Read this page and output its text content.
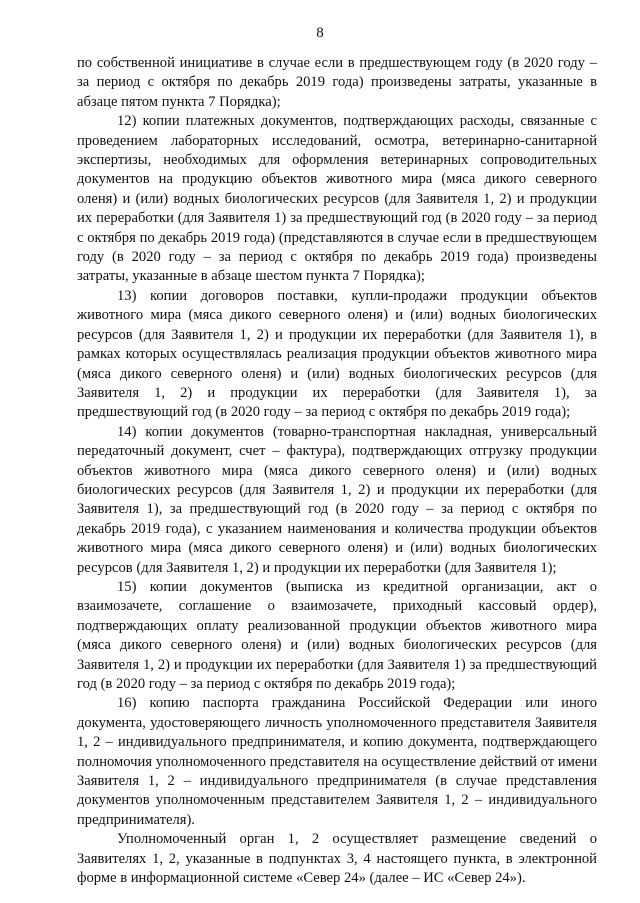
8

по собственной инициативе в случае если в предшествующем году (в 2020 году – за период с октября по декабрь 2019 года) произведены затраты, указанные в абзаце пятом пункта 7 Порядка);

12) копии платежных документов, подтверждающих расходы, связанные с проведением лабораторных исследований, осмотра, ветеринарно-санитарной экспертизы, необходимых для оформления ветеринарных сопроводительных документов на продукцию объектов животного мира (мяса дикого северного оленя) и (или) водных биологических ресурсов (для Заявителя 1, 2) и продукции их переработки (для Заявителя 1) за предшествующий год (в 2020 году – за период с октября по декабрь 2019 года) (представляются в случае если в предшествующем году (в 2020 году – за период с октября по декабрь 2019 года) произведены затраты, указанные в абзаце шестом пункта 7 Порядка);

13) копии договоров поставки, купли-продажи продукции объектов животного мира (мяса дикого северного оленя) и (или) водных биологических ресурсов (для Заявителя 1, 2) и продукции их переработки (для Заявителя 1), в рамках которых осуществлялась реализация продукции объектов животного мира (мяса дикого северного оленя) и (или) водных биологических ресурсов (для Заявителя 1, 2) и продукции их переработки (для Заявителя 1), за предшествующий год (в 2020 году – за период с октября по декабрь 2019 года);

14) копии документов (товарно-транспортная накладная, универсальный передаточный документ, счет – фактура), подтверждающих отгрузку продукции объектов животного мира (мяса дикого северного оленя) и (или) водных биологических ресурсов (для Заявителя 1, 2) и продукции их переработки (для Заявителя 1), за предшествующий год (в 2020 году – за период с октября по декабрь 2019 года), с указанием наименования и количества продукции объектов животного мира (мяса дикого северного оленя) и (или) водных биологических ресурсов (для Заявителя 1, 2) и продукции их переработки (для Заявителя 1);

15) копии документов (выписка из кредитной организации, акт о взаимозачете, соглашение о взаимозачете, приходный кассовый ордер), подтверждающих оплату реализованной продукции объектов животного мира (мяса дикого северного оленя) и (или) водных биологических ресурсов (для Заявителя 1, 2) и продукции их переработки (для Заявителя 1) за предшествующий год (в 2020 году – за период с октября по декабрь 2019 года);

16) копию паспорта гражданина Российской Федерации или иного документа, удостоверяющего личность уполномоченного представителя Заявителя 1, 2 – индивидуального предпринимателя, и копию документа, подтверждающего полномочия уполномоченного представителя на осуществление действий от имени Заявителя 1, 2 – индивидуального предпринимателя (в случае представления документов уполномоченным представителем Заявителя 1, 2 – индивидуального предпринимателя).

Уполномоченный орган 1, 2 осуществляет размещение сведений о Заявителях 1, 2, указанные в подпунктах 3, 4 настоящего пункта, в электронной форме в информационной системе «Север 24» (далее – ИС «Север 24»).
